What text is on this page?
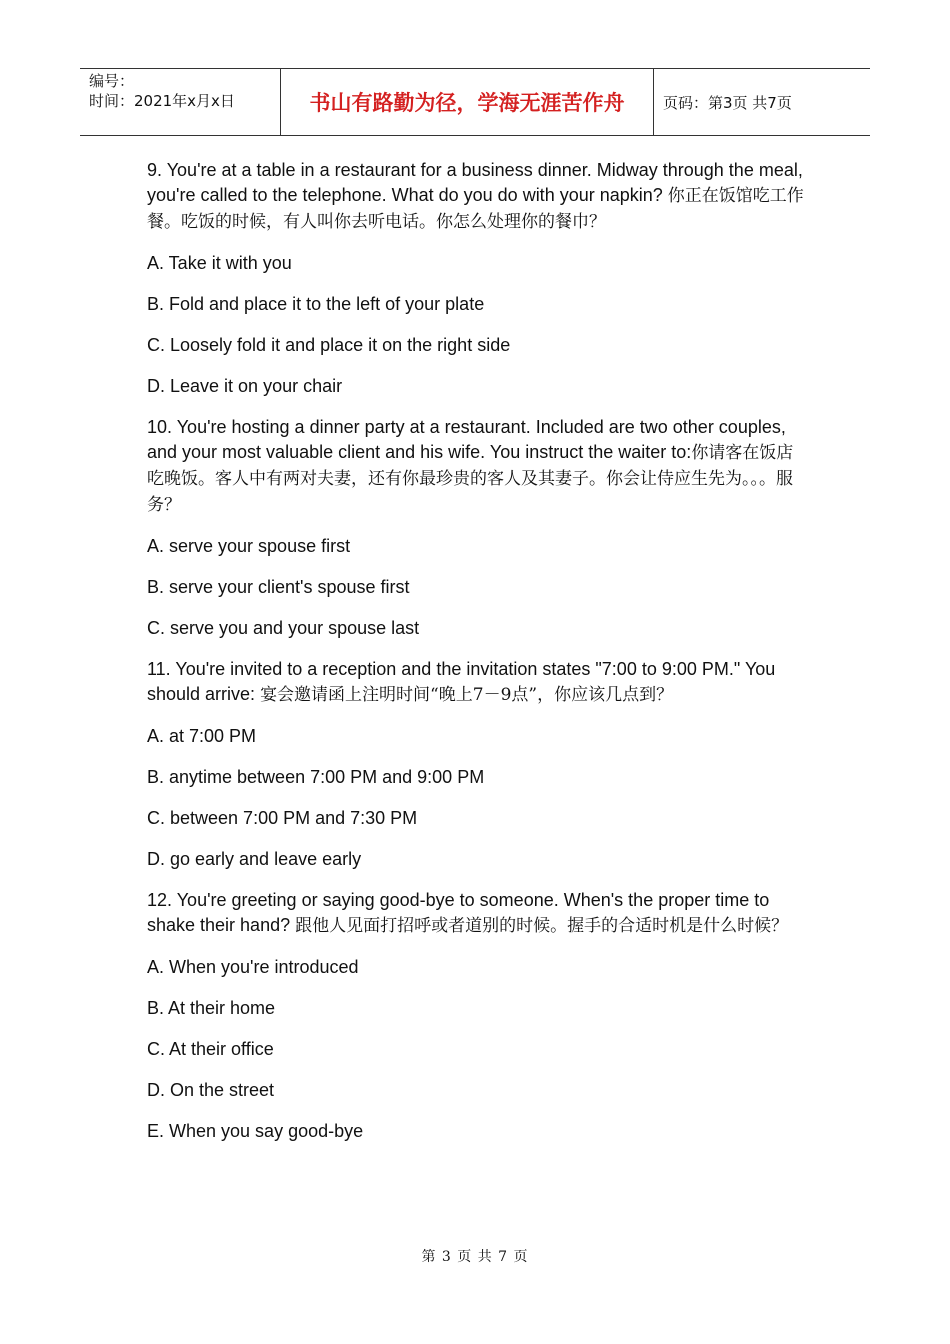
编号：
时间：2021年x月x日	书山有路勤为径，学海无涯苦作舟	页码：第3页 共7页

9. You're at a table in a restaurant for a business dinner. Midway through the meal, you're called to the telephone. What do you do with your napkin? 你正在饭馆吃工作餐。吃饭的时候，有人叫你去听电话。你怎么处理你的餐巾？

A. Take it with you

B. Fold and place it to the left of your plate

C. Loosely fold it and place it on the right side

D. Leave it on your chair

10. You're hosting a dinner party at a restaurant. Included are two other couples, and your most valuable client and his wife. You instruct the waiter to:你请客在饭店吃晚饭。客人中有两对夫妻，还有你最珍贵的客人及其妻子。你会让侍应生先为。。。服务？

A. serve your spouse first

B. serve your client's spouse first

C. serve you and your spouse last

11. You're invited to a reception and the invitation states "7:00 to 9:00 PM." You should arrive: 宴会邀请函上注明时间“晚上7－9点”，你应该几点到？

A. at 7:00 PM

B. anytime between 7:00 PM and 9:00 PM

C. between 7:00 PM and 7:30 PM

D. go early and leave early

12. You're greeting or saying good-bye to someone. When's the proper time to shake their hand? 跟他人见面打招呼或者道别的时候。握手的合适时机是什么时候？

A. When you're introduced

B. At their home

C. At their office

D. On the street

E. When you say good-bye

第 3 页 共 7 页
